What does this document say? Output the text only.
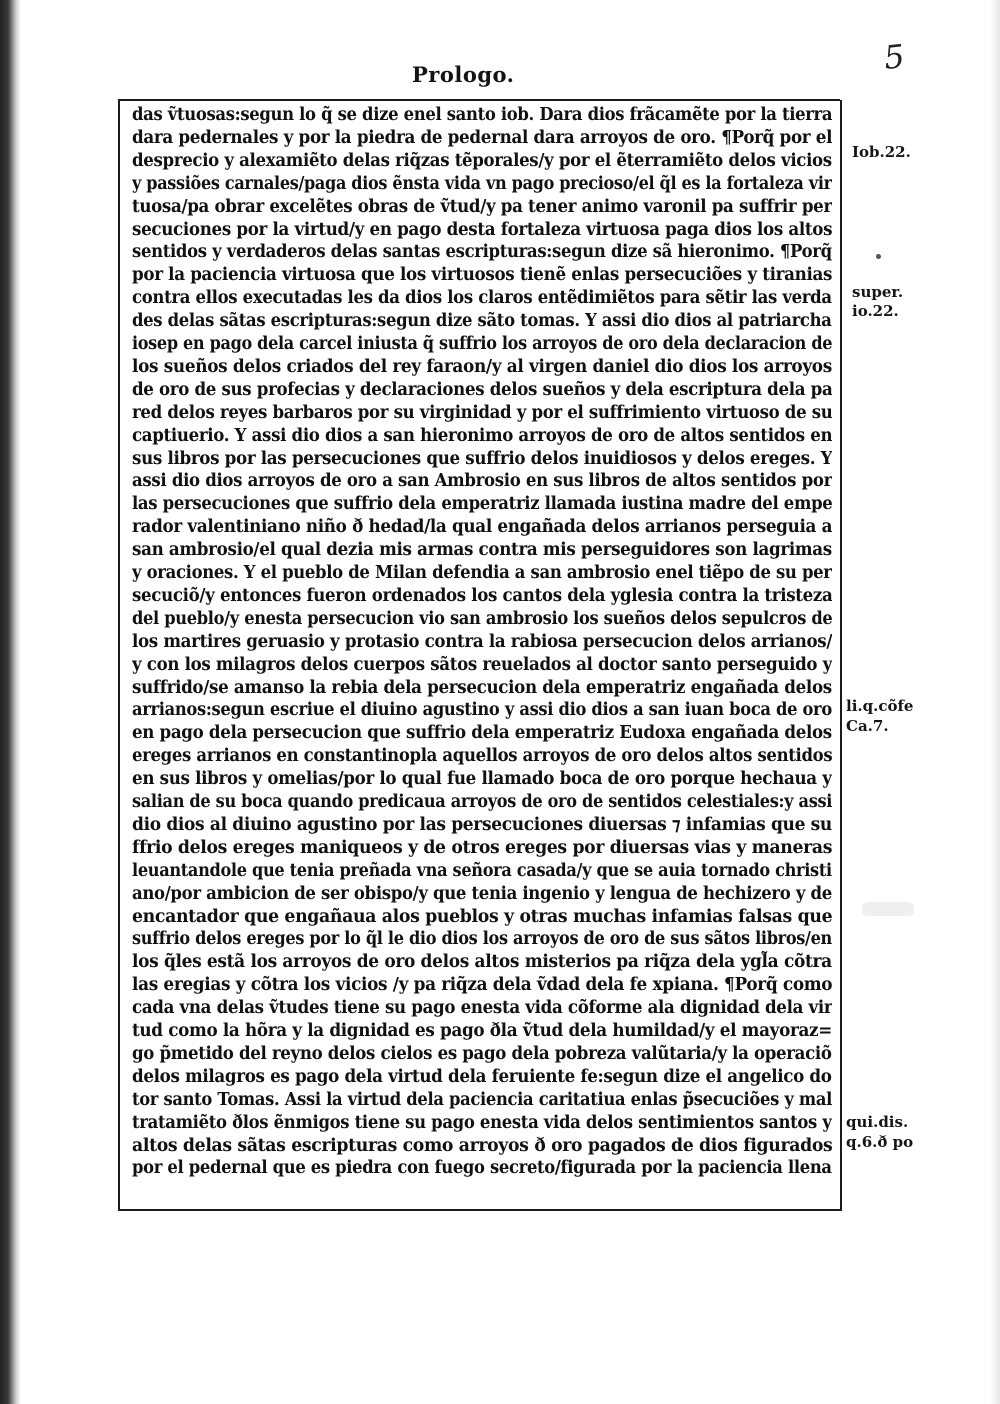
5
Prologo.
das ṽtuosas:segun lo q̃ se dize enel santo iob. Dara dios frãcamẽte por la tierra
dara pedernales y por la piedra de pedernal dara arroyos de oro. ¶Porq̃ por el
desprecio y alexamiẽto delas riq̃zas tẽporales/y por el ẽterramiẽto delos vicios
y passiões carnales/paga dios ẽnsta vida vn pago precioso/el q̃l es la fortaleza vir
tuosa/pa obrar excelẽtes obras de ṽtud/y pa tener animo varonil pa suffrir per
secuciones por la virtud/y en pago desta fortaleza virtuosa paga dios los altos
sentidos y verdaderos delas santas escripturas:segun dize sã hieronimo. ¶Porq̃
por la paciencia virtuosa que los virtuosos tienẽ enlas persecuciões y tiranias
contra ellos executadas les da dios los claros entẽdimiẽtos para sẽtir las verda
des delas sãtas escripturas:segun dize sãto tomas. Y assi dio dios al patriarcha
iosep en pago dela carcel iniusta q̃ suffrio los arroyos de oro dela declaracion de
los sueños delos criados del rey faraon/y al virgen daniel dio dios los arroyos
de oro de sus profecias y declaraciones delos sueños y dela escriptura dela pa
red delos reyes barbaros por su virginidad y por el suffrimiento virtuoso de su
captiuerio. Y assi dio dios a san hieronimo arroyos de oro de altos sentidos en
sus libros por las persecuciones que suffrio delos inuidiosos y delos ereges. Y
assi dio dios arroyos de oro a san Ambrosio en sus libros de altos sentidos por
las persecuciones que suffrio dela emperatriz llamada iustina madre del empe
rador valentiniano niño ð hedad/la qual engañada delos arrianos perseguia a
san ambrosio/el qual dezia mis armas contra mis perseguidores son lagrimas
y oraciones. Y el pueblo de Milan defendia a san ambrosio enel tiẽpo de su per
secuciõ/y entonces fueron ordenados los cantos dela yglesia contra la tristeza
del pueblo/y enesta persecucion vio san ambrosio los sueños delos sepulcros de
los martires geruasio y protasio contra la rabiosa persecucion delos arrianos/
y con los milagros delos cuerpos sãtos reuelados al doctor santo perseguido y
suffrido/se amanso la rebia dela persecucion dela emperatriz engañada delos
arrianos:segun escriue el diuino agustino y assi dio dios a san iuan boca de oro
en pago dela persecucion que suffrio dela emperatriz Eudoxa engañada delos
ereges arrianos en constantinopla aquellos arroyos de oro delos altos sentidos
en sus libros y omelias/por lo qual fue llamado boca de oro porque hechaua y
salian de su boca quando predicaua arroyos de oro de sentidos celestiales:y assi
dio dios al diuino agustino por las persecuciones diuersas ⁊ infamias que su
ffrio delos ereges maniqueos y de otros ereges por diuersas vias y maneras
leuantandole que tenia preñada vna señora casada/y que se auia tornado christi
ano/por ambicion de ser obispo/y que tenia ingenio y lengua de hechizero y de
encantador que engañaua alos pueblos y otras muchas infamias falsas que
suffrio delos ereges por lo q̃l le dio dios los arroyos de oro de sus sãtos libros/en
los q̃les estã los arroyos de oro delos altos misterios pa riq̃za dela ygl̃a cõtra
las eregias y cõtra los vicios /y pa riq̃za dela ṽdad dela fe xpiana. ¶Porq̃ como
cada vna delas ṽtudes tiene su pago enesta vida cõforme ala dignidad dela vir
tud como la hõra y la dignidad es pago ðla ṽtud dela humildad/y el mayoraz=
go p̃metido del reyno delos cielos es pago dela pobreza valũtaria/y la operaciõ
delos milagros es pago dela virtud dela feruiente fe:segun dize el angelico do
tor santo Tomas. Assi la virtud dela paciencia caritatiua enlas p̃secuciões y mal
tratamiẽto ðlos ẽnmigos tiene su pago enesta vida delos sentimientos santos y
altos delas sãtas escripturas como arroyos ð oro pagados de dios figurados
por el pedernal que es piedra con fuego secreto/figurada por la paciencia llena
Iob.22.
super.
io.22.
li.q.cõfe
Ca.7.
qui.dis.
q.6.ð po
